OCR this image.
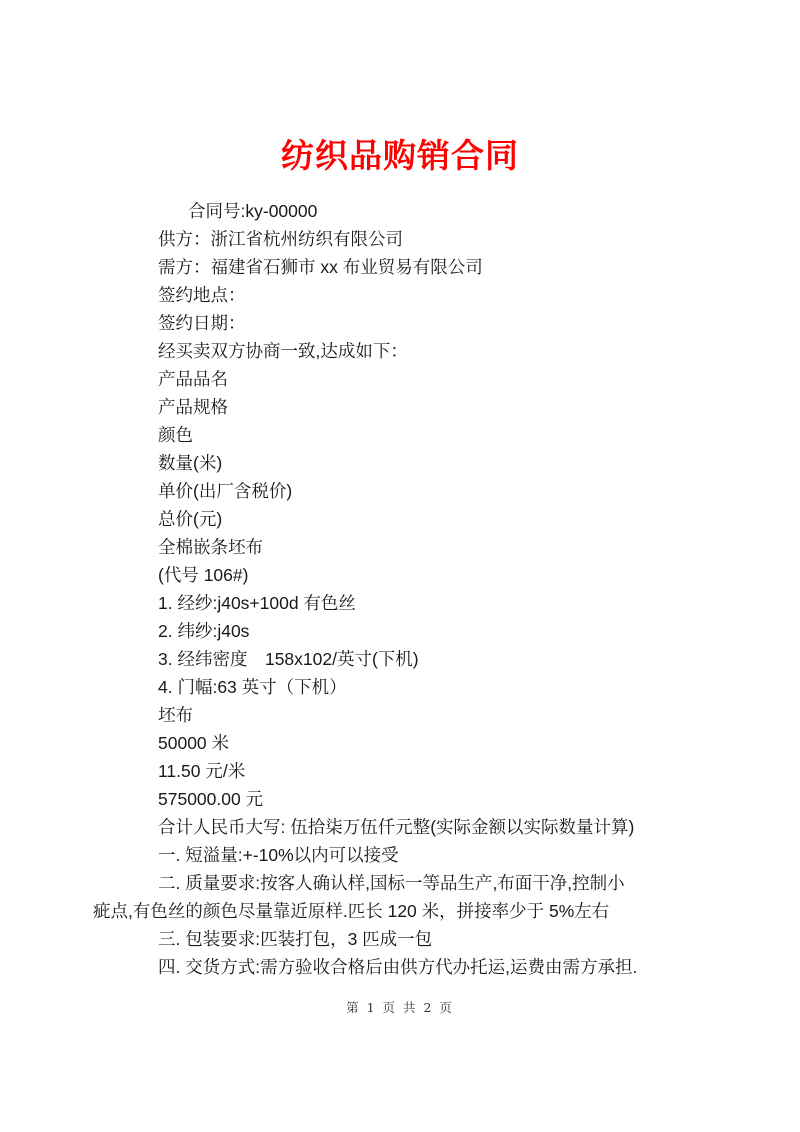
纺织品购销合同

合同号:ky-00000

供方：浙江省杭州纺织有限公司

需方：福建省石狮市 xx 布业贸易有限公司

签约地点：

签约日期：

经买卖双方协商一致,达成如下：

产品品名

产品规格

颜色

数量(米)

单价(出厂含税价)

总价(元)

全棉嵌条坯布

(代号 106#)

1. 经纱:j40s+100d 有色丝

2. 纬纱:j40s

3. 经纬密度　158x102/英寸(下机)

4. 门幅:63 英寸（下机）

坯布

50000 米

11.50 元/米

575000.00 元

合计人民币大写: 伍拾柒万伍仟元整(实际金额以实际数量计算)

一. 短溢量:+-10%以内可以接受

二. 质量要求:按客人确认样,国标一等品生产,布面干净,控制小

疵点,有色丝的颜色尽量靠近原样.匹长 120 米，拼接率少于 5%左右

三. 包装要求:匹装打包，3 匹成一包

四. 交货方式:需方验收合格后由供方代办托运,运费由需方承担.

第 1 页 共 2 页
